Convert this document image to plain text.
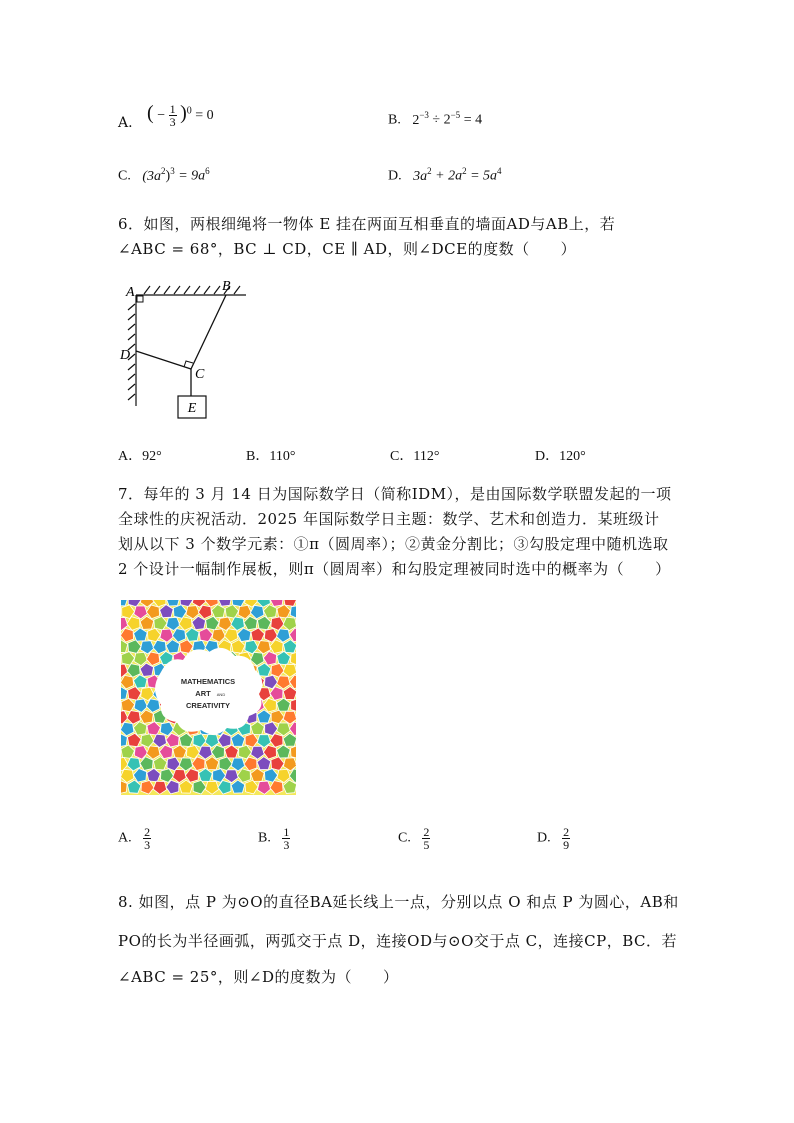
A. ( − $\frac{1}{3} )^0 = 0$	B. $2^{-3} \div 2^{-5} = 4$
C. $(3a^2)^3 = 9a^6$	D. $3a^2 + 2a^2 = 5a^4$
6．如图，两根细绳将一物体 E 挂在两面互相垂直的墙面AD与AB上，若
∠ABC = 68°，BC ⊥ CD，CE ∥ AD，则∠DCE的度数（　　）
E
A	B
D
C
A．92°	B．110°	C．112°	D．120°
7．每年的 3 月 14 日为国际数学日（简称IDM），是由国际数学联盟发起的一项
全球性的庆祝活动．2025 年国际数学日主题：数学、艺术和创造力．某班级计
划从以下 3 个数学元素：①π（圆周率）；②黄金分割比；③勾股定理中随机选取
2 个设计一幅制作展板，则π（圆周率）和勾股定理被同时选中的概率为（　　）
MATHEMATICS
ART AND
CREATIVITY
A. $\frac{2}{3}$	B. $\frac{1}{3}$	C. $\frac{2}{5}$	D. $\frac{2}{9}$
8. 如图，点 P 为⊙O的直径BA延长线上一点，分别以点 O 和点 P 为圆心，AB和
PO的长为半径画弧，两弧交于点 D，连接OD与⊙O交于点 C，连接CP，BC．若
∠ABC = 25°，则∠D的度数为（　　）
